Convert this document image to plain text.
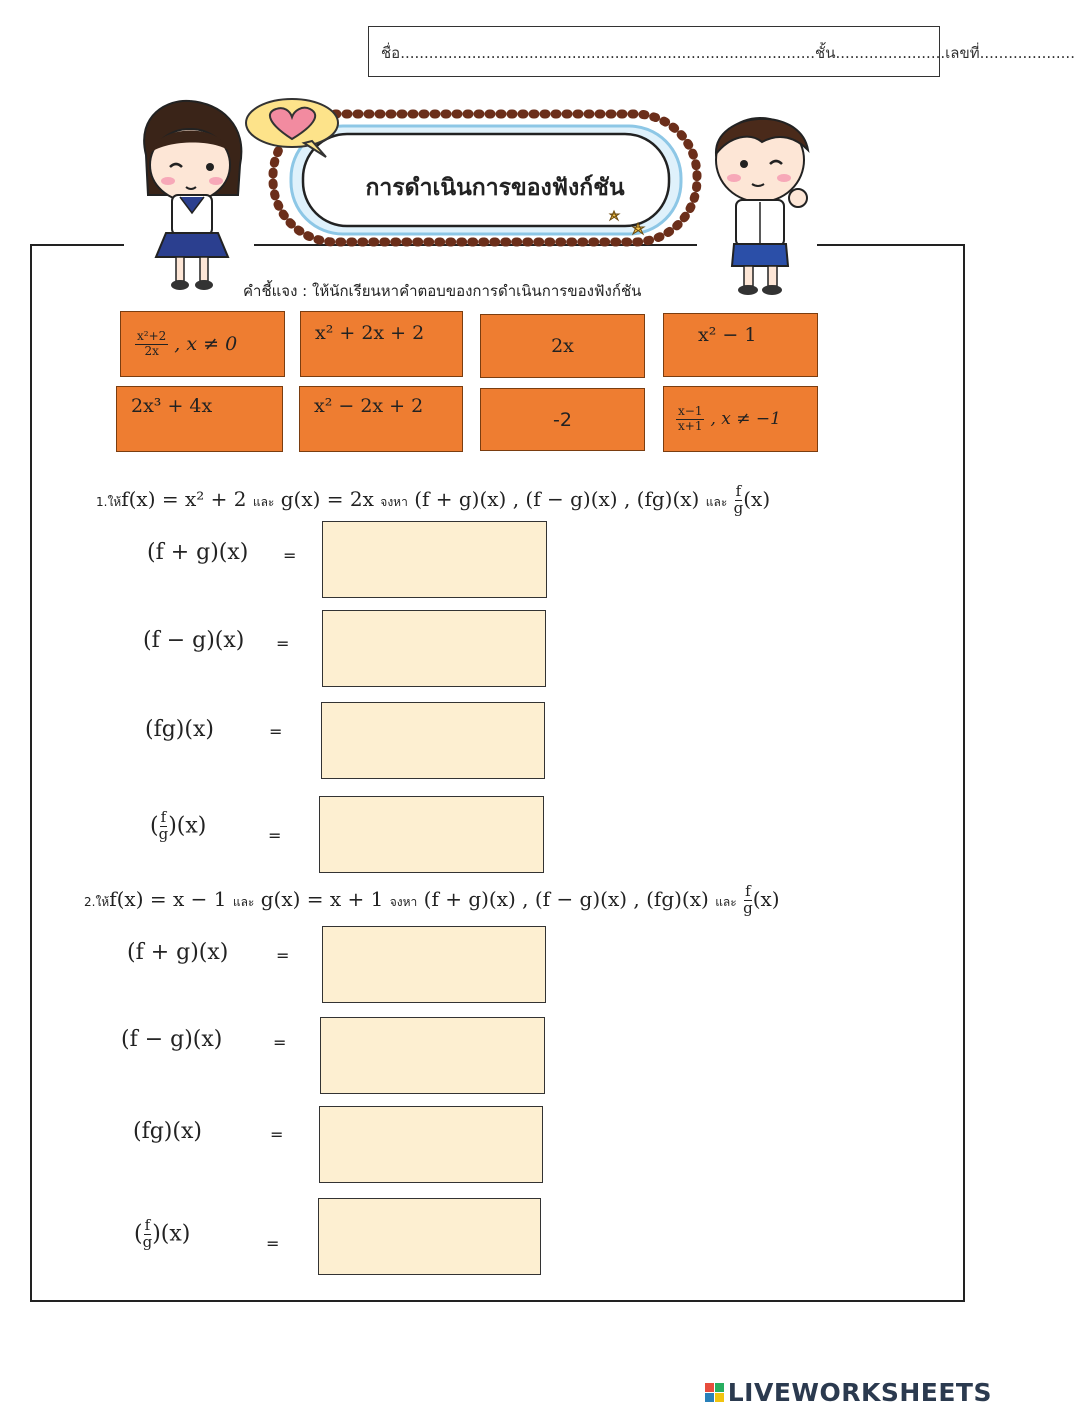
ชื่อ.......................................................................................ชั้น.......................เลขที่....................
การดำเนินการของฟังก์ชัน
คำชี้แจง : ให้นักเรียนหาคำตอบของการดำเนินการของฟังก์ชัน
$\frac{\text{x²+2}}{2x}$ , x ≠ 0	x² + 2x + 2
2x	x² − 1
2x³ + 4x	x² − 2x + 2
-2	$\frac{x-1}{x+1}$ , x ≠ −1
1.ให้f(x) = x² + 2 และ g(x) = 2x จงหา (f + g)(x) , (f − g)(x) , (fg)(x) และ $\frac{f}{g} (x)$
(f + g)(x) =
(f − g)(x) =
(fg)(x)	=
( $\frac{f}{g} )(x)$	=
2.ให้f(x) = x − 1 และ g(x) = x + 1 จงหา (f + g)(x) , (f − g)(x) , (fg)(x) และ $\frac{f}{g} (x)$
(f + g)(x)	=
(f − g)(x)	=
(fg)(x)	=
( $\frac{f}{g} )(x)$	=
LIVEWORKSHEETS
